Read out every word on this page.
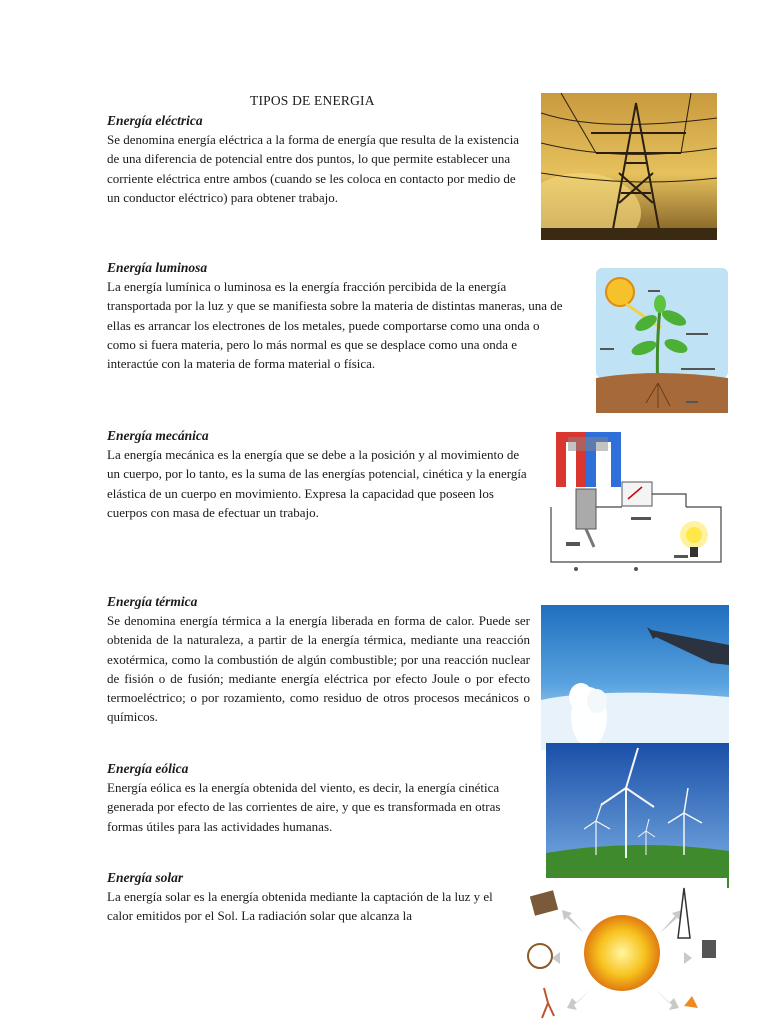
TIPOS DE ENERGIA
Energía eléctrica

Se denomina energía eléctrica a la forma de energía que resulta de la existencia de una diferencia de potencial entre dos puntos, lo que permite establecer una corriente eléctrica entre ambos (cuando se les coloca en contacto por medio de un conductor eléctrico) para obtener trabajo.

Energía luminosa

La energía lumínica o luminosa es la energía fracción percibida de la energía transportada por la luz y que se manifiesta sobre la materia de distintas maneras, una de ellas es arrancar los electrones de los metales, puede comportarse como una onda o como si fuera materia, pero lo más normal es que se desplace como una onda e interactúe con la materia de forma material o física.

Energía mecánica

La energía mecánica es la energía que se debe a la posición y al movimiento de un cuerpo, por lo tanto, es la suma de las energías potencial, cinética y la energía elástica de un cuerpo en movimiento. Expresa la capacidad que poseen los cuerpos con masa de efectuar un trabajo.

Energía térmica

Se denomina energía térmica a la energía liberada en forma de calor. Puede ser obtenida de la naturaleza, a partir de la energía térmica, mediante una reacción exotérmica, como la combustión de algún combustible; por una reacción nuclear de fisión o de fusión; mediante energía eléctrica por efecto Joule o por efecto termoeléctrico; o por rozamiento, como residuo de otros procesos mecánicos o químicos.

Energía eólica

Energía eólica es la energía obtenida del viento, es decir, la energía cinética generada por efecto de las corrientes de aire, y que es transformada en otras formas útiles para las actividades humanas.

Energía solar

La energía solar es la energía obtenida mediante la captación de la luz y el calor emitidos por el Sol. La radiación solar que alcanza la
